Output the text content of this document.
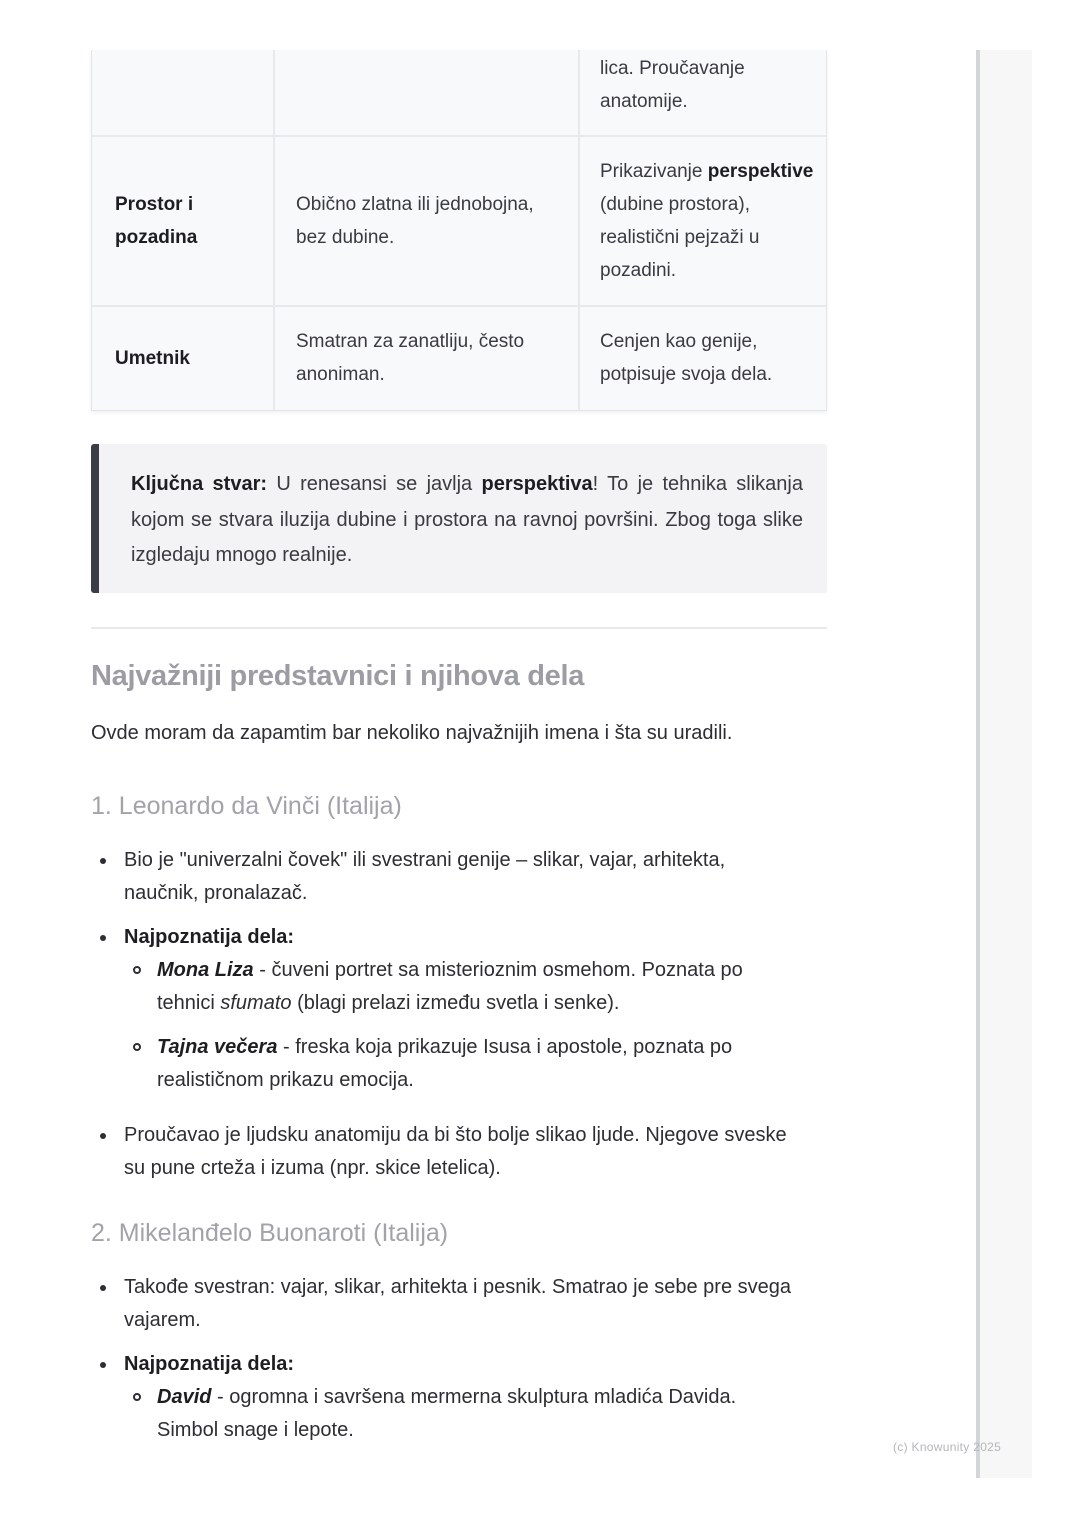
lica. Proučavanje anatomije.
Prostor i pozadina
Obično zlatna ili jednobojna, bez dubine.
Prikazivanje perspektive (dubine prostora), realistični pejzaži u pozadini.
Umetnik
Smatran za zanatliju, često anoniman.
Cenjen kao genije, potpisuje svoja dela.

Ključna stvar: U renesansi se javlja perspektiva! To je tehnika slikanja kojom se stvara iluzija dubine i prostora na ravnoj površini. Zbog toga slike izgledaju mnogo realnije.

Najvažniji predstavnici i njihova dela
Ovde moram da zapamtim bar nekoliko najvažnijih imena i šta su uradili.
1. Leonardo da Vinči (Italija)
Bio je "univerzalni čovek" ili svestrani genije – slikar, vajar, arhitekta, naučnik, pronalazač.
Najpoznatija dela:
Mona Liza - čuveni portret sa misterioznim osmehom. Poznata po tehnici sfumato (blagi prelazi između svetla i senke).
Tajna večera - freska koja prikazuje Isusa i apostole, poznata po realističnom prikazu emocija.
Proučavao je ljudsku anatomiju da bi što bolje slikao ljude. Njegove sveske su pune crteža i izuma (npr. skice letelica).
2. Mikelanđelo Buonaroti (Italija)
Takođe svestran: vajar, slikar, arhitekta i pesnik. Smatrao je sebe pre svega vajarem.
Najpoznatija dela:
David - ogromna i savršena mermerna skulptura mladića Davida. Simbol snage i lepote.
(c) Knowunity 2025
